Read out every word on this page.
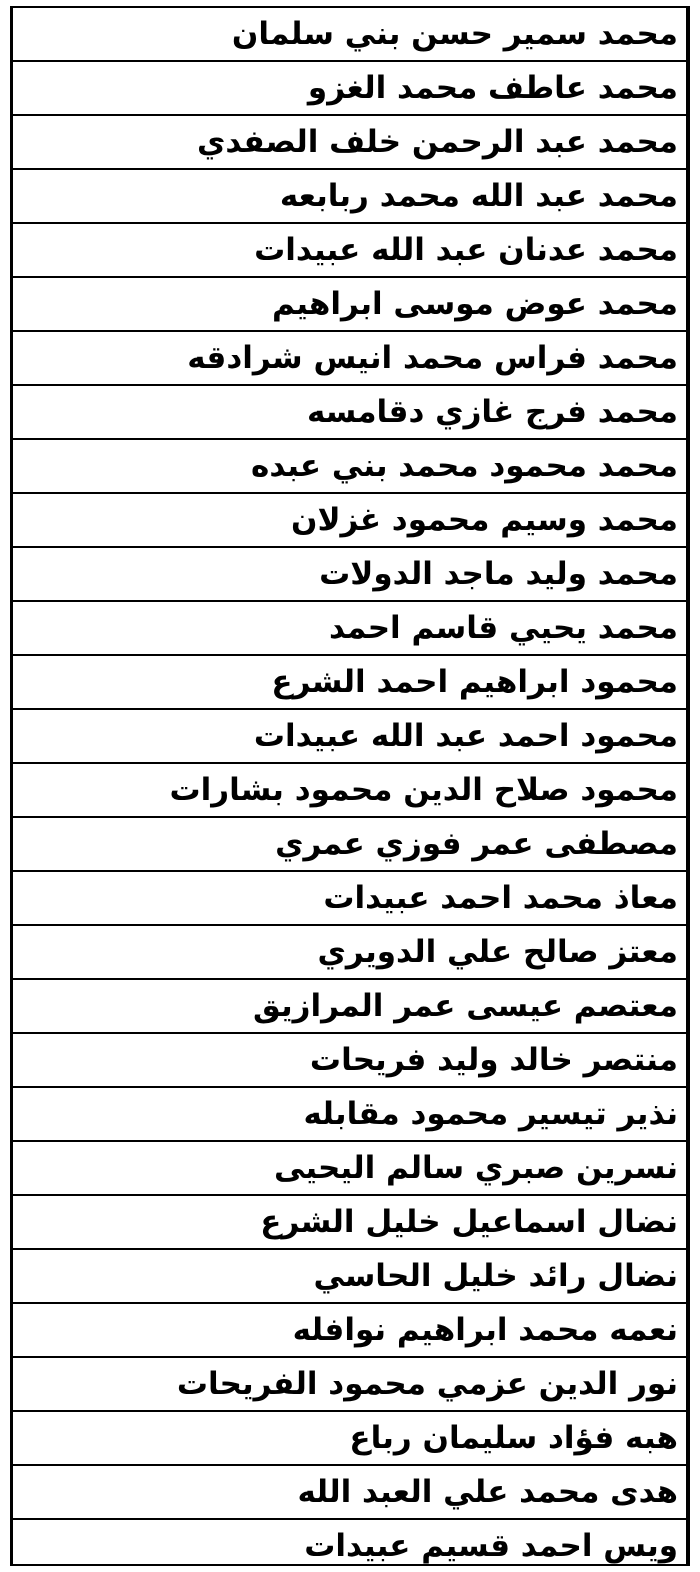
محمد سمير حسن بني سلمان
محمد عاطف محمد الغزو
محمد عبد الرحمن خلف الصفدي
محمد عبد الله محمد ربابعه
محمد عدنان عبد الله عبيدات
محمد عوض موسى ابراهيم
محمد فراس محمد انيس شرادقه
محمد فرج غازي دقامسه
محمد محمود محمد بني عبده
محمد وسيم محمود غزلان
محمد وليد ماجد الدولات
محمد يحيي قاسم احمد
محمود ابراهيم احمد الشرع
محمود احمد عبد الله عبيدات
محمود صلاح الدين محمود بشارات
مصطفى عمر فوزي عمري
معاذ محمد احمد عبيدات
معتز صالح علي الدويري
معتصم عيسى عمر المرازيق
منتصر خالد وليد فريحات
نذير تيسير محمود مقابله
نسرين صبري سالم اليحيى
نضال اسماعيل خليل الشرع
نضال رائد خليل الحاسي
نعمه محمد ابراهيم نوافله
نور الدين عزمي محمود الفريحات
هبه فؤاد سليمان رباع
هدى محمد علي العبد الله
ويس احمد قسيم عبيدات
